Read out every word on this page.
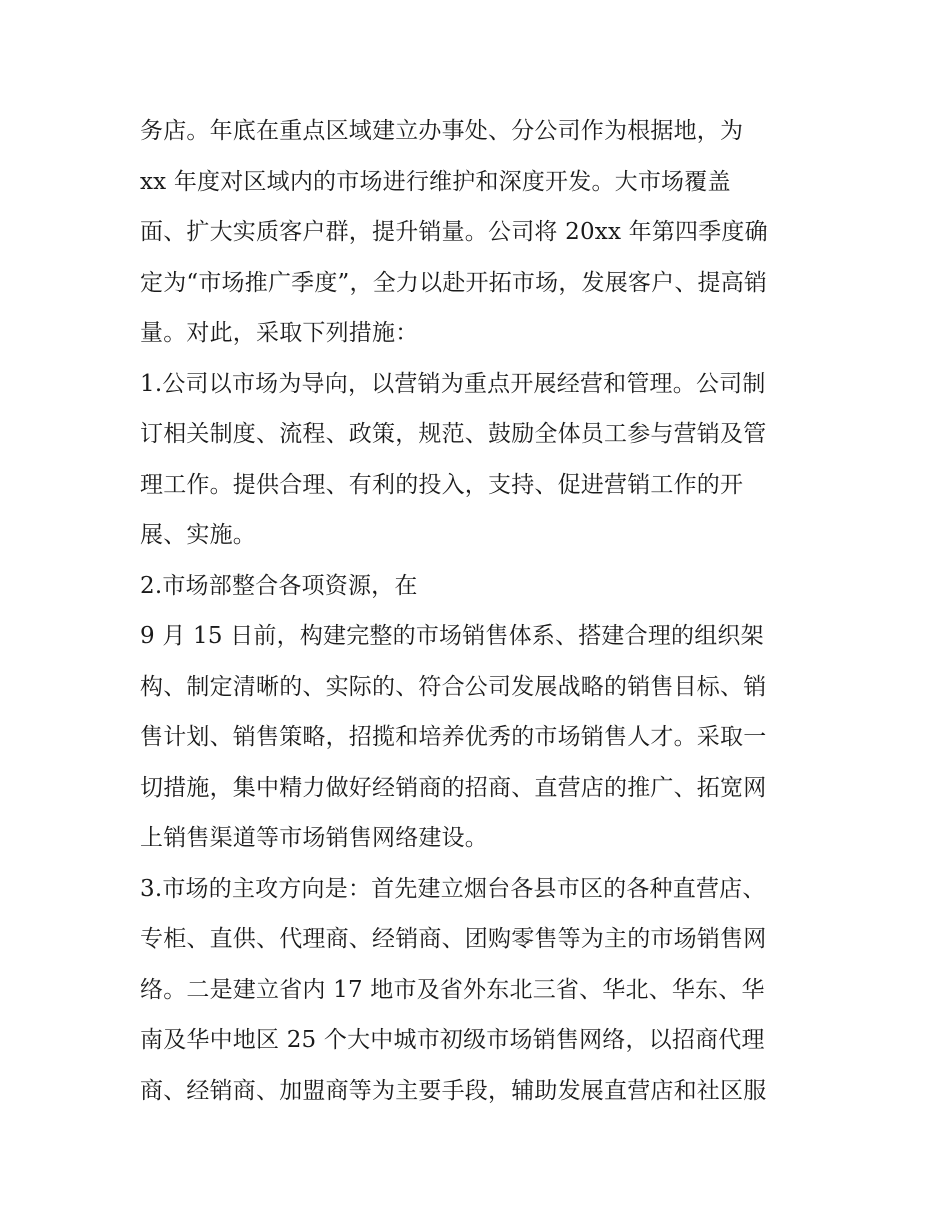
务店。年底在重点区域建立办事处、分公司作为根据地，为
xx 年度对区域内的市场进行维护和深度开发。大市场覆盖
面、扩大实质客户群，提升销量。公司将 20xx 年第四季度确
定为“市场推广季度”，全力以赴开拓市场，发展客户、提高销
量。对此，采取下列措施：
1.公司以市场为导向，以营销为重点开展经营和管理。公司制
订相关制度、流程、政策，规范、鼓励全体员工参与营销及管
理工作。提供合理、有利的投入，支持、促进营销工作的开
展、实施。
2.市场部整合各项资源，在
9 月 15 日前，构建完整的市场销售体系、搭建合理的组织架
构、制定清晰的、实际的、符合公司发展战略的销售目标、销
售计划、销售策略，招揽和培养优秀的市场销售人才。采取一
切措施，集中精力做好经销商的招商、直营店的推广、拓宽网
上销售渠道等市场销售网络建设。
3.市场的主攻方向是：首先建立烟台各县市区的各种直营店、
专柜、直供、代理商、经销商、团购零售等为主的市场销售网
络。二是建立省内 17 地市及省外东北三省、华北、华东、华
南及华中地区 25 个大中城市初级市场销售网络，以招商代理
商、经销商、加盟商等为主要手段，辅助发展直营店和社区服
